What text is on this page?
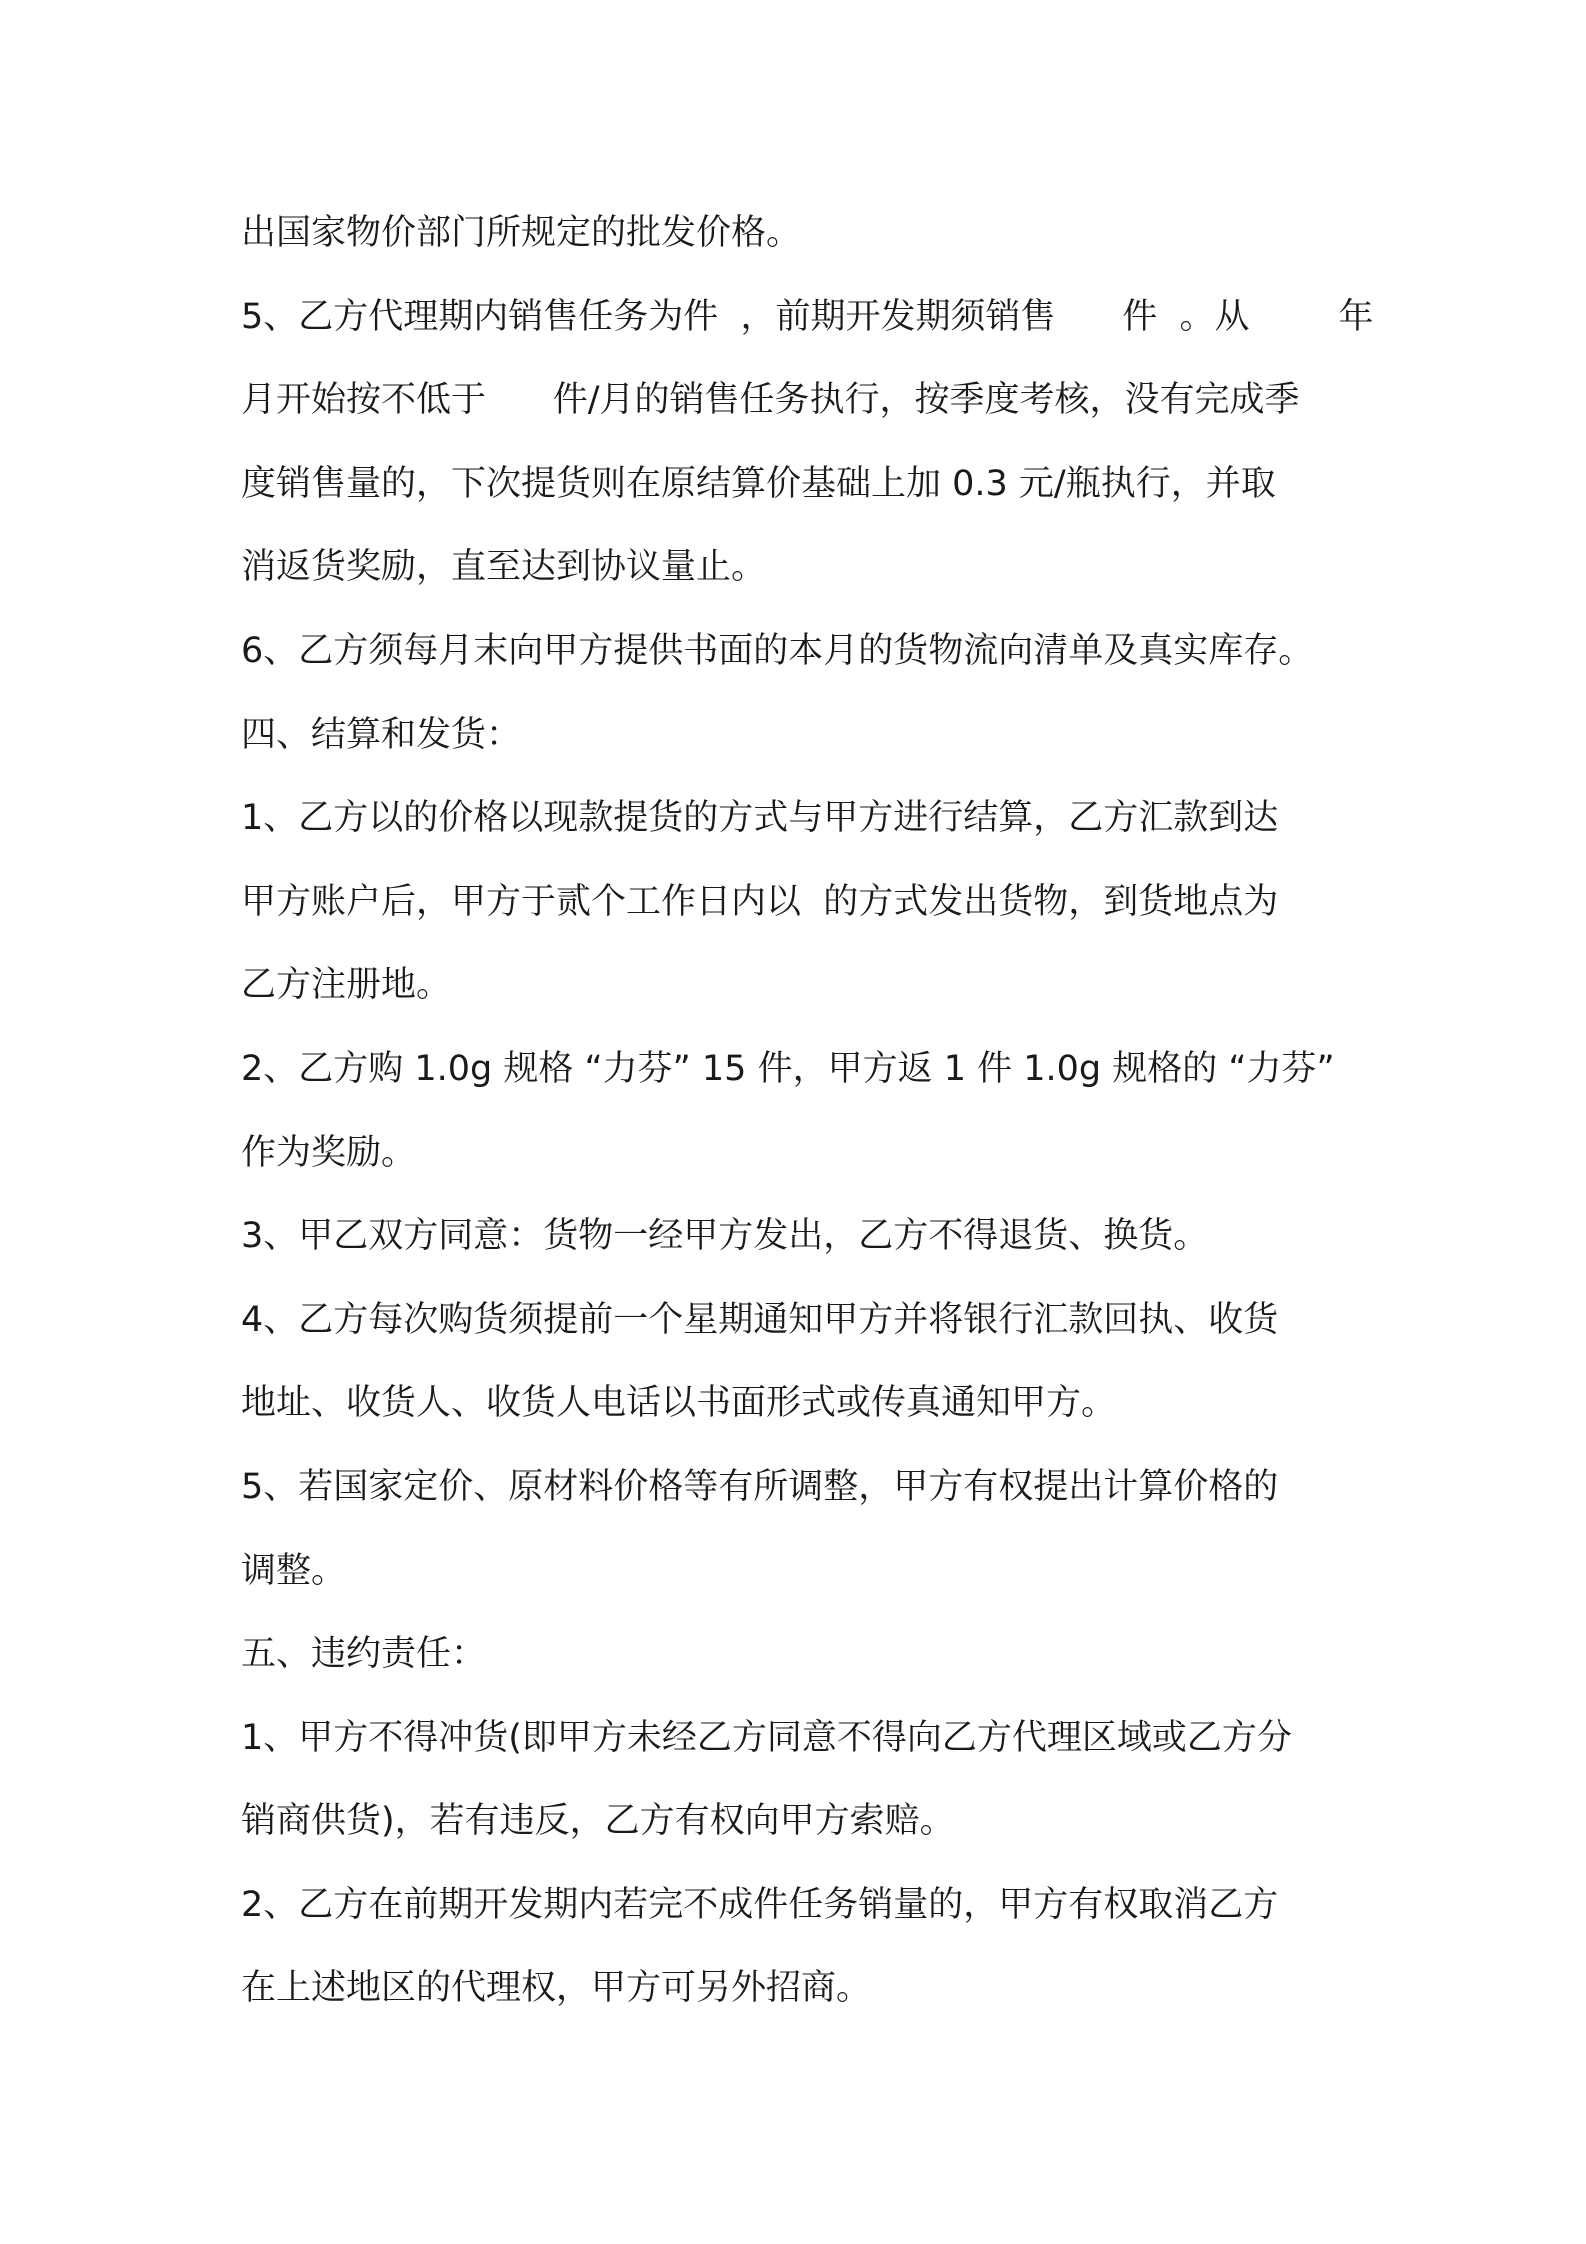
出国家物价部门所规定的批发价格。
5、乙方代理期内销售任务为件  ，前期开发期须销售      件  。从        年
月开始按不低于      件/月的销售任务执行，按季度考核，没有完成季
度销售量的，下次提货则在原结算价基础上加 0.3 元/瓶执行，并取
消返货奖励，直至达到协议量止。
6、乙方须每月末向甲方提供书面的本月的货物流向清单及真实库存。
四、结算和发货：
1、乙方以的价格以现款提货的方式与甲方进行结算，乙方汇款到达
甲方账户后，甲方于贰个工作日内以  的方式发出货物，到货地点为
乙方注册地。
2、乙方购 1.0g 规格 “力芬” 15 件，甲方返 1 件 1.0g 规格的 “力芬”
作为奖励。
3、甲乙双方同意：货物一经甲方发出，乙方不得退货、换货。
4、乙方每次购货须提前一个星期通知甲方并将银行汇款回执、收货
地址、收货人、收货人电话以书面形式或传真通知甲方。
5、若国家定价、原材料价格等有所调整，甲方有权提出计算价格的
调整。
五、违约责任：
1、甲方不得冲货(即甲方未经乙方同意不得向乙方代理区域或乙方分
销商供货)，若有违反，乙方有权向甲方索赔。
2、乙方在前期开发期内若完不成件任务销量的，甲方有权取消乙方
在上述地区的代理权，甲方可另外招商。
